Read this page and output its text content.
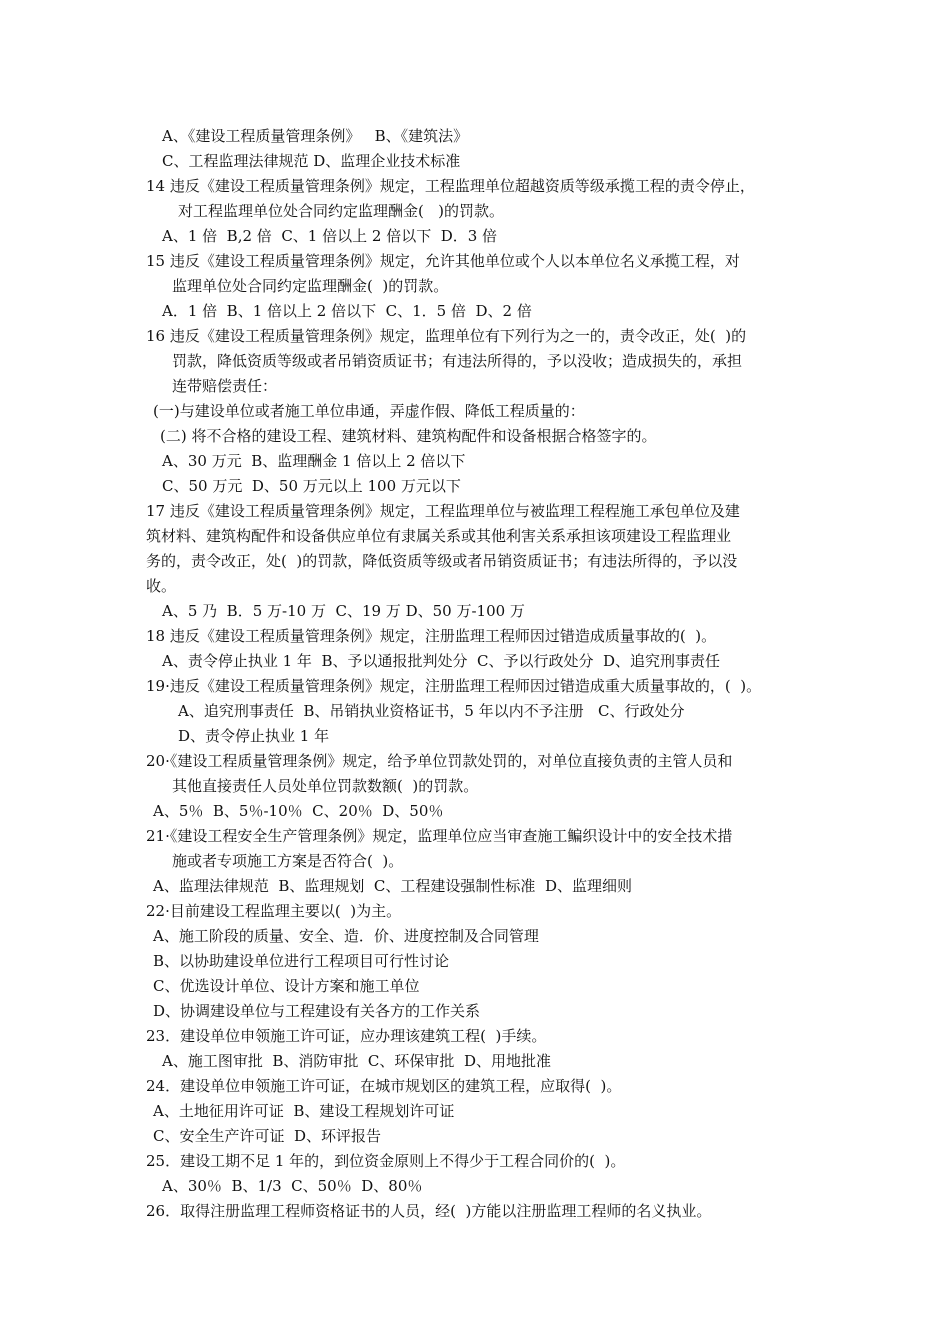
A、《建设工程质量管理条例》   B、《建筑法》
C、工程监理法律规范 D、监理企业技术标准
14 违反《建设工程质量管理条例》规定，工程监理单位超越资质等级承揽工程的责令停止，
对工程监理单位处合同约定监理酬金(   )的罚款。
A、1 倍  B,2 倍  C、1 倍以上 2 倍以下  D．3 倍
15 违反《建设工程质量管理条例》规定，允许其他单位或个人以本单位名义承揽工程，对
监理单位处合同约定监理酬金(  )的罚款。
A．1 倍  B、1 倍以上 2 倍以下  C、1．5 倍  D、2 倍
16 违反《建设工程质量管理条例》规定，监理单位有下列行为之一的，责令改正，处(  )的
罚款，降低资质等级或者吊销资质证书；有违法所得的，予以没收；造成损失的，承担
连带赔偿责任：
(一)与建设单位或者施工单位串通，弄虚作假、降低工程质量的：
(二) 将不合格的建设工程、建筑材料、建筑构配件和设备根据合格签字的。
A、30 万元  B、监理酬金 1 倍以上 2 倍以下
C、50 万元  D、50 万元以上 100 万元以下
17 违反《建设工程质量管理条例》规定，工程监理单位与被监理工程程施工承包单位及建
筑材料、建筑构配件和设备供应单位有隶属关系或其他利害关系承担该项建设工程监理业
务的，责令改正，处(  )的罚款，降低资质等级或者吊销资质证书；有违法所得的，予以没
收。
A、5 乃  B．5 万-10 万  C、19 万 D、50 万-100 万
18 违反《建设工程质量管理条例》规定，注册监理工程师因过错造成质量事故的(  )。
A、责令停止执业 1 年  B、予以通报批判处分  C、予以行政处分  D、追究刑事责任
19·违反《建设工程质量管理条例》规定，注册监理工程师因过错造成重大质量事故的，(  )。
A、追究刑事责任  B、吊销执业资格证书，5 年以内不予注册   C、行政处分
D、责令停止执业 1 年
20·《建设工程质量管理条例》规定，给予单位罚款处罚的，对单位直接负责的主管人员和
其他直接责任人员处单位罚款数额(  )的罚款。
A、5％  B、5％-10％  C、20％  D、50％
21·《建设工程安全生产管理条例》规定，监理单位应当审查施工鳊织设计中的安全技术措
施或者专项施工方案是否符合(  )。
A、监理法律规范  B、监理规划  C、工程建设强制性标准  D、监理细则
22·目前建设工程监理主要以(  )为主。
A、施工阶段的质量、安全、造．价、进度控制及合同管理
B、以协助建设单位进行工程项目可行性讨论
C、优选设计单位、设计方案和施工单位
D、协调建设单位与工程建设有关各方的工作关系
23．建设单位申领施工许可证，应办理该建筑工程(  )手续。
A、施工图审批  B、消防审批  C、环保审批  D、用地批准
24．建设单位申领施工许可证，在城市规划区的建筑工程，应取得(  )。
A、土地征用许可证  B、建设工程规划许可证
C、安全生产许可证  D、环评报告
25．建设工期不足 1 年的，到位资金原则上不得少于工程合同价的(  )。
A、30％  B、1/3  C、50％  D、80％
26．取得注册监理工程师资格证书的人员，经(  )方能以注册监理工程师的名义执业。
